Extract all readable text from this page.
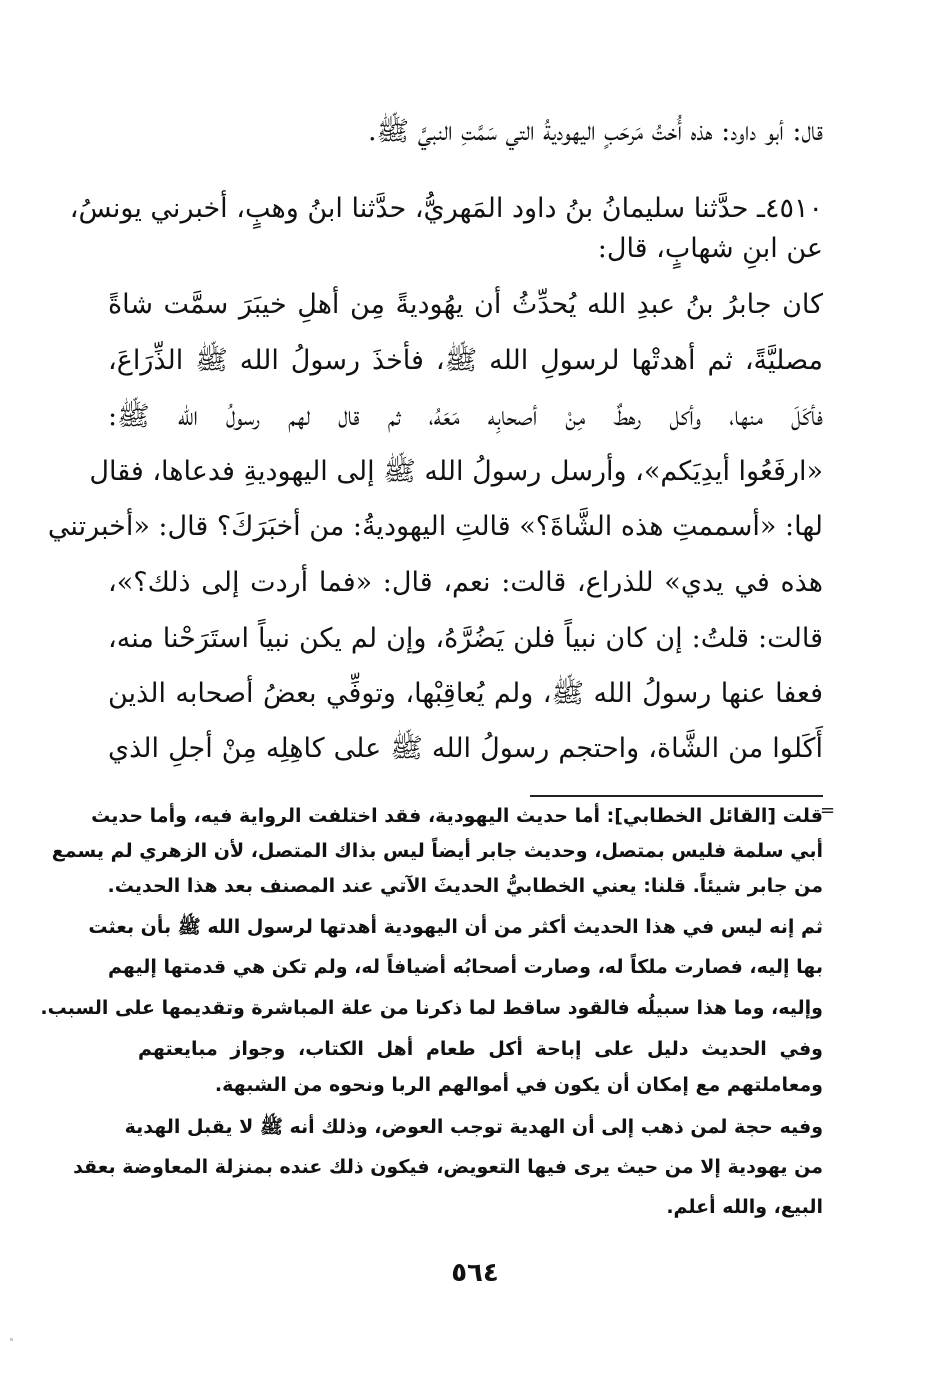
قال: أبو داود: هذه أُختُ مَرحَبٍ اليهوديةُ التي سَمَّتِ النبيَّ ﷺ.
٤٥١٠ـ حدَّثنا سليمانُ بنُ داود المَهريُّ، حدَّثنا ابنُ وهبٍ، أخبرني يونسُ،
عن ابنِ شهابٍ، قال:
كان جابرُ بنُ عبدِ الله يُحدِّثُ أن يهُوديةً مِن أهلِ خيبَرَ سمَّت شاةً
مصليَّةً، ثم أهدتْها لرسولِ الله ﷺ، فأخذَ رسولُ الله ﷺ الذِّرَاعَ،
فأكَلَ منها، وأكل رهطٌ مِنْ أصحابِه مَعَهُ، ثم قال لهم رسولُ الله ﷺ:
«ارفَعُوا أيدِيَكم»، وأرسل رسولُ الله ﷺ إلى اليهوديةِ فدعاها، فقال
لها: «أسممتِ هذه الشَّاةَ؟» قالتِ اليهوديةُ: من أخبَرَكَ؟ قال: «أخبرتني
هذه في يدي» للذراع، قالت: نعم، قال: «فما أردت إلى ذلك؟»،
قالت: قلتُ: إن كان نبياً فلن يَضُرَّهُ، وإن لم يكن نبياً استَرَحْنا منه،
فعفا عنها رسولُ الله ﷺ، ولم يُعاقِبْها، وتوفِّي بعضُ أصحابه الذين
أَكَلوا من الشَّاة، واحتجم رسولُ الله ﷺ على كاهِلِه مِنْ أجلِ الذي
=
قلت [القائل الخطابي]: أما حديث اليهودية، فقد اختلفت الرواية فيه، وأما حديث
أبي سلمة فليس بمتصل، وحديث جابر أيضاً ليس بذاك المتصل، لأن الزهري لم يسمع
من جابر شيئاً. قلنا: يعني الخطابيُّ الحديثَ الآتي عند المصنف بعد هذا الحديث.
ثم إنه ليس في هذا الحديث أكثر من أن اليهودية أهدتها لرسول الله ﷺ بأن بعثت
بها إليه، فصارت ملكاً له، وصارت أصحابُه أضيافاً له، ولم تكن هي قدمتها إليهم
وإليه، وما هذا سبيلُه فالقود ساقط لما ذكرنا من علة المباشرة وتقديمها على السبب.
وفي الحديث دليل على إباحة أكل طعام أهل الكتاب، وجواز مبايعتهم
ومعاملتهم مع إمكان أن يكون في أموالهم الربا ونحوه من الشبهة.
وفيه حجة لمن ذهب إلى أن الهدية توجب العوض، وذلك أنه ﷺ لا يقبل الهدية
من يهودية إلا من حيث يرى فيها التعويض، فيكون ذلك عنده بمنزلة المعاوضة بعقد
البيع، والله أعلم.
٥٦٤
